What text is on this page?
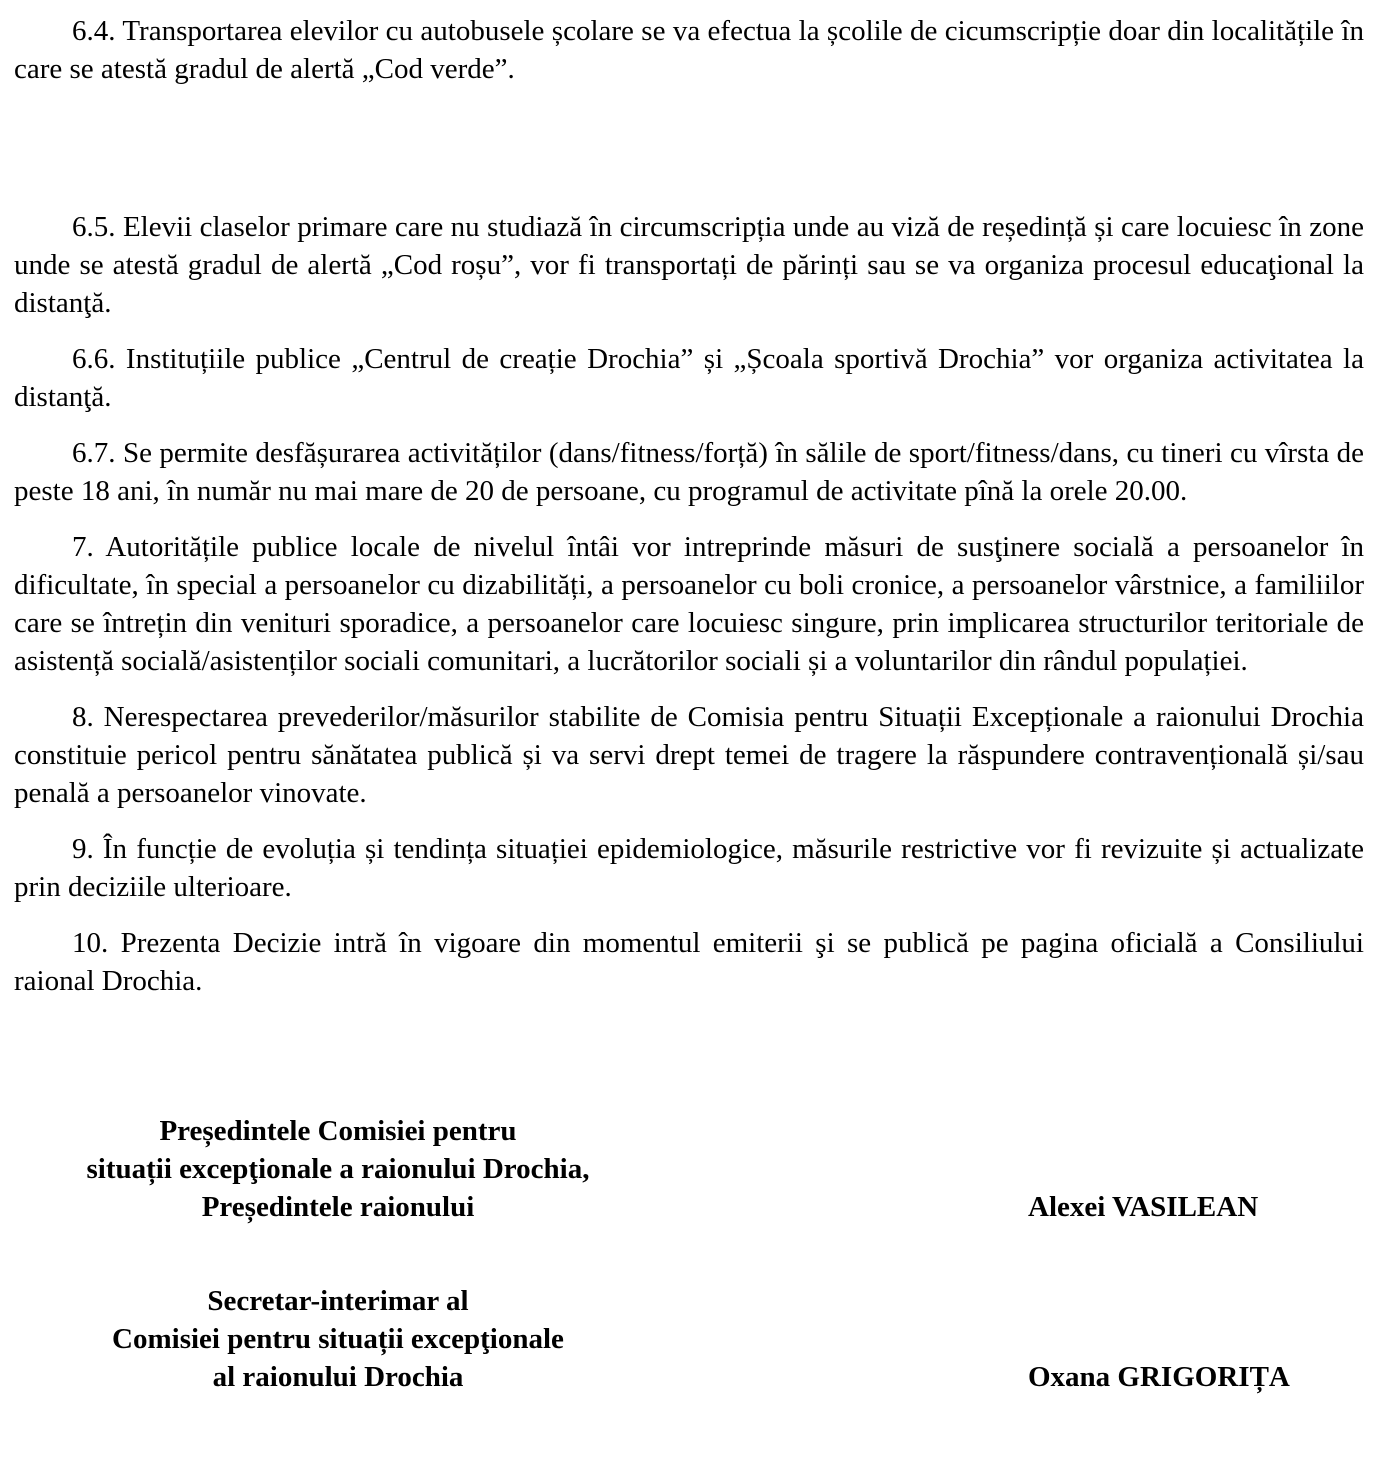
6.4. Transportarea elevilor cu autobusele școlare se va efectua la școlile de cicumscripție doar din localitățile în care se atestă gradul de alertă „Cod verde”.

6.5. Elevii claselor primare care nu studiază în circumscripția unde au viză de reședință și care locuiesc în zone unde se atestă gradul de alertă „Cod roșu”, vor fi transportați de părinți sau se va organiza procesul educaţional la distanţă.

6.6. Instituțiile publice „Centrul de creație Drochia” și „Școala sportivă Drochia” vor organiza activitatea la distanţă.

6.7. Se permite desfășurarea activităților (dans/fitness/forță) în sălile de sport/fitness/dans, cu tineri cu vîrsta de peste 18 ani, în număr nu mai mare de 20 de persoane, cu programul de activitate pînă la orele 20.00.

7. Autoritățile publice locale de nivelul întâi vor intreprinde măsuri de susţinere socială a persoanelor în dificultate, în special a persoanelor cu dizabilități, a persoanelor cu boli cronice, a persoanelor vârstnice, a familiilor care se întrețin din venituri sporadice, a persoanelor care locuiesc singure, prin implicarea structurilor teritoriale de asistență socială/asistenților sociali comunitari, a lucrătorilor sociali și a voluntarilor din rândul populației.

8. Nerespectarea prevederilor/măsurilor stabilite de Comisia pentru Situații Excepționale a raionului Drochia constituie pericol pentru sănătatea publică și va servi drept temei de tragere la răspundere contravențională și/sau penală a persoanelor vinovate.

9. În funcție de evoluția și tendința situației epidemiologice, măsurile restrictive vor fi revizuite și actualizate prin deciziile ulterioare.

10. Prezenta Decizie intră în vigoare din momentul emiterii şi se publică pe pagina oficială a Consiliului raional Drochia.

Președintele Comisiei pentru
situații excepţionale a raionului Drochia,
Președintele raionului	Alexei VASILEAN
Secretar-interimar al
Comisiei pentru situații excepţionale
al raionului Drochia	Oxana GRIGORIȚA
